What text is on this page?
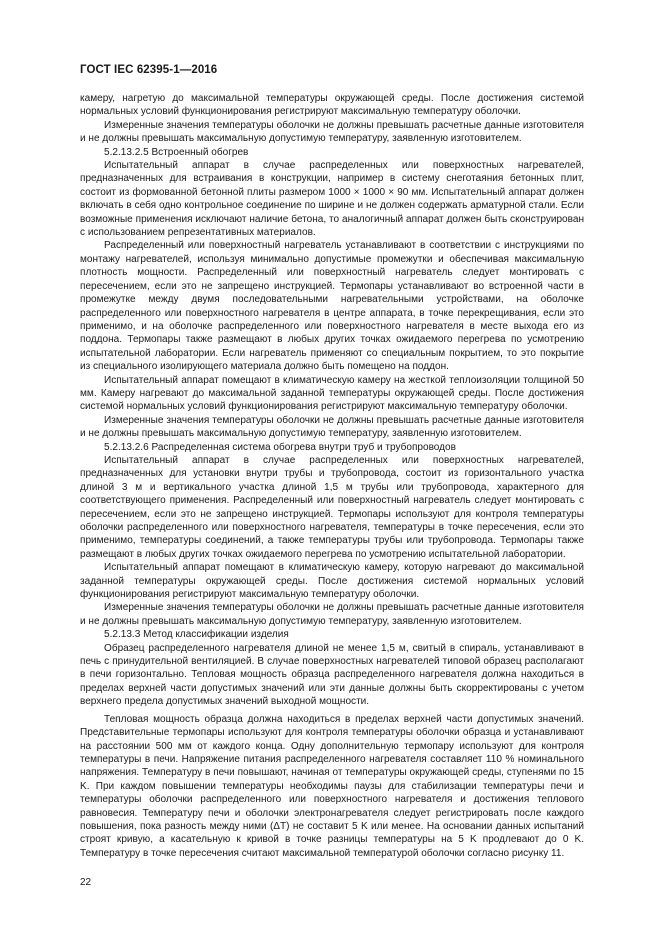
ГОСТ IEC 62395-1—2016

камеру, нагретую до максимальной температуры окружающей среды. После достижения системой нормальных условий функционирования регистрируют максимальную температуру оболочки.

Измеренные значения температуры оболочки не должны превышать расчетные данные изготовителя и не должны превышать максимальную допустимую температуру, заявленную изготовителем.

5.2.13.2.5 Встроенный обогрев

Испытательный аппарат в случае распределенных или поверхностных нагревателей, предназначенных для встраивания в конструкции, например в систему снеготаяния бетонных плит, состоит из формованной бетонной плиты размером 1000 × 1000 × 90 мм. Испытательный аппарат должен включать в себя одно контрольное соединение по ширине и не должен содержать арматурной стали. Если возможные применения исключают наличие бетона, то аналогичный аппарат должен быть сконструирован с использованием репрезентативных материалов.

Распределенный или поверхностный нагреватель устанавливают в соответствии с инструкциями по монтажу нагревателей, используя минимально допустимые промежутки и обеспечивая максимальную плотность мощности. Распределенный или поверхностный нагреватель следует монтировать с пересечением, если это не запрещено инструкцией. Термопары устанавливают во встроенной части в промежутке между двумя последовательными нагревательными устройствами, на оболочке распределенного или поверхностного нагревателя в центре аппарата, в точке перекрещивания, если это применимо, и на оболочке распределенного или поверхностного нагревателя в месте выхода его из поддона. Термопары также размещают в любых других точках ожидаемого перегрева по усмотрению испытательной лаборатории. Если нагреватель применяют со специальным покрытием, то это покрытие из специального изолирующего материала должно быть помещено на поддон.

Испытательный аппарат помещают в климатическую камеру на жесткой теплоизоляции толщиной 50 мм. Камеру нагревают до максимальной заданной температуры окружающей среды. После достижения системой нормальных условий функционирования регистрируют максимальную температуру оболочки.

Измеренные значения температуры оболочки не должны превышать расчетные данные изготовителя и не должны превышать максимальную допустимую температуру, заявленную изготовителем.

5.2.13.2.6 Распределенная система обогрева внутри труб и трубопроводов

Испытательный аппарат в случае распределенных или поверхностных нагревателей, предназначенных для установки внутри трубы и трубопровода, состоит из горизонтального участка длиной 3 м и вертикального участка длиной 1,5 м трубы или трубопровода, характерного для соответствующего применения. Распределенный или поверхностный нагреватель следует монтировать с пересечением, если это не запрещено инструкцией. Термопары используют для контроля температуры оболочки распределенного или поверхностного нагревателя, температуры в точке пересечения, если это применимо, температуры соединений, а также температуры трубы или трубопровода. Термопары также размещают в любых других точках ожидаемого перегрева по усмотрению испытательной лаборатории.

Испытательный аппарат помещают в климатическую камеру, которую нагревают до максимальной заданной температуры окружающей среды. После достижения системой нормальных условий функционирования регистрируют максимальную температуру оболочки.

Измеренные значения температуры оболочки не должны превышать расчетные данные изготовителя и не должны превышать максимальную допустимую температуру, заявленную изготовителем.

5.2.13.3 Метод классификации изделия

Образец распределенного нагревателя длиной не менее 1,5 м, свитый в спираль, устанавливают в печь с принудительной вентиляцией. В случае поверхностных нагревателей типовой образец располагают в печи горизонтально. Тепловая мощность образца распределенного нагревателя должна находиться в пределах верхней части допустимых значений или эти данные должны быть скорректированы с учетом верхнего предела допустимых значений выходной мощности.

Тепловая мощность образца должна находиться в пределах верхней части допустимых значений. Представительные термопары используют для контроля температуры оболочки образца и устанавливают на расстоянии 500 мм от каждого конца. Одну дополнительную термопару используют для контроля температуры в печи. Напряжение питания распределенного нагревателя составляет 110 % номинального напряжения. Температуру в печи повышают, начиная от температуры окружающей среды, ступенями по 15 K. При каждом повышении температуры необходимы паузы для стабилизации температуры печи и температуры оболочки распределенного или поверхностного нагревателя и достижения теплового равновесия. Температуру печи и оболочки электронагревателя следует регистрировать после каждого повышения, пока разность между ними (ΔT) не составит 5 K или менее. На основании данных испытаний строят кривую, а касательную к кривой в точке разницы температуры на 5 K продлевают до 0 K. Температуру в точке пересечения считают максимальной температурой оболочки согласно рисунку 11.

22
